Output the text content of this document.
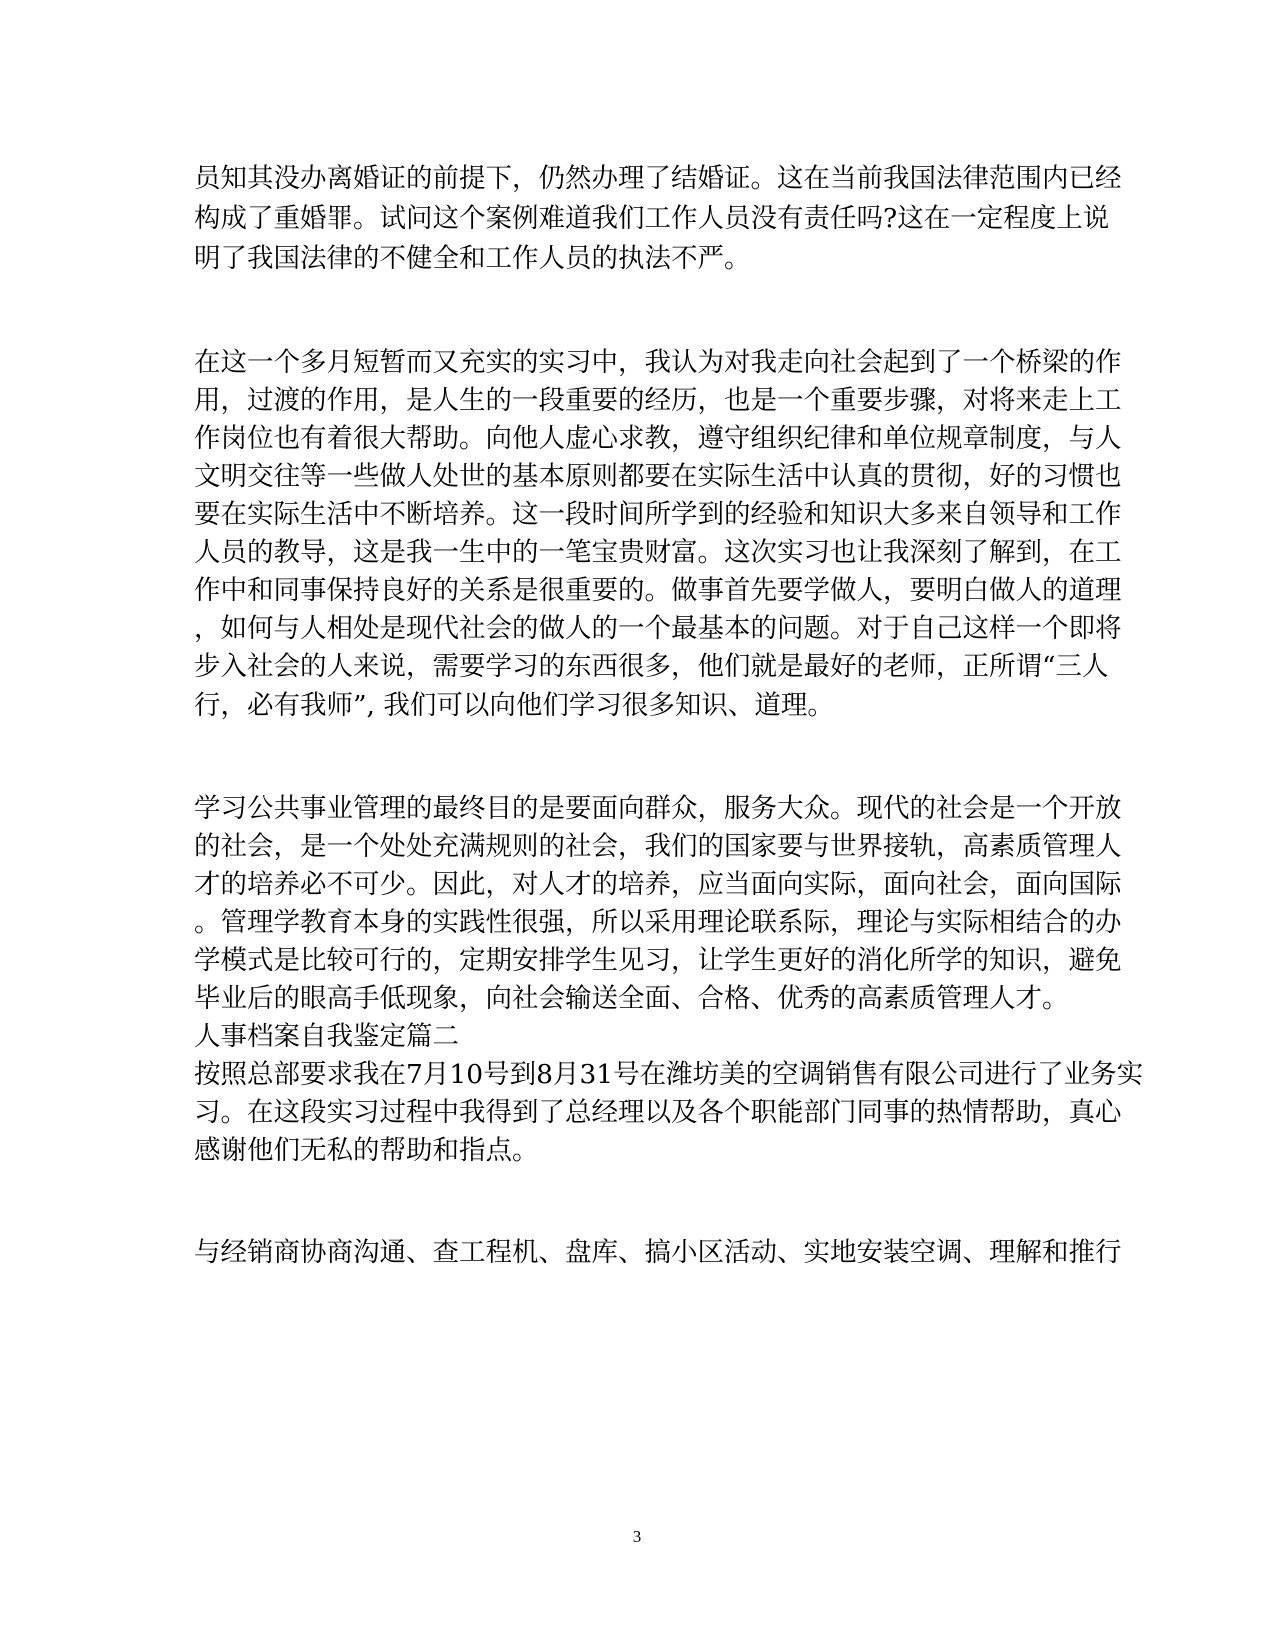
员知其没办离婚证的前提下，仍然办理了结婚证。这在当前我国法律范围内已经
构成了重婚罪。试问这个案例难道我们工作人员没有责任吗?这在一定程度上说
明了我国法律的不健全和工作人员的执法不严。
在这一个多月短暂而又充实的实习中，我认为对我走向社会起到了一个桥梁的作
用，过渡的作用，是人生的一段重要的经历，也是一个重要步骤，对将来走上工
作岗位也有着很大帮助。向他人虚心求教，遵守组织纪律和单位规章制度，与人
文明交往等一些做人处世的基本原则都要在实际生活中认真的贯彻，好的习惯也
要在实际生活中不断培养。这一段时间所学到的经验和知识大多来自领导和工作
人员的教导，这是我一生中的一笔宝贵财富。这次实习也让我深刻了解到，在工
作中和同事保持良好的关系是很重要的。做事首先要学做人，要明白做人的道理
，如何与人相处是现代社会的做人的一个最基本的问题。对于自己这样一个即将
步入社会的人来说，需要学习的东西很多，他们就是最好的老师，正所谓“三人
行，必有我师”, 我们可以向他们学习很多知识、道理。
学习公共事业管理的最终目的是要面向群众，服务大众。现代的社会是一个开放
的社会，是一个处处充满规则的社会，我们的国家要与世界接轨，高素质管理人
才的培养必不可少。因此，对人才的培养，应当面向实际，面向社会，面向国际
。管理学教育本身的实践性很强，所以采用理论联系际，理论与实际相结合的办
学模式是比较可行的，定期安排学生见习，让学生更好的消化所学的知识，避免
毕业后的眼高手低现象，向社会输送全面、合格、优秀的高素质管理人才。
人事档案自我鉴定篇二
按照总部要求我在7月10号到8月31号在潍坊美的空调销售有限公司进行了业务实
习。在这段实习过程中我得到了总经理以及各个职能部门同事的热情帮助，真心
感谢他们无私的帮助和指点。
与经销商协商沟通、查工程机、盘库、搞小区活动、实地安装空调、理解和推行
3
